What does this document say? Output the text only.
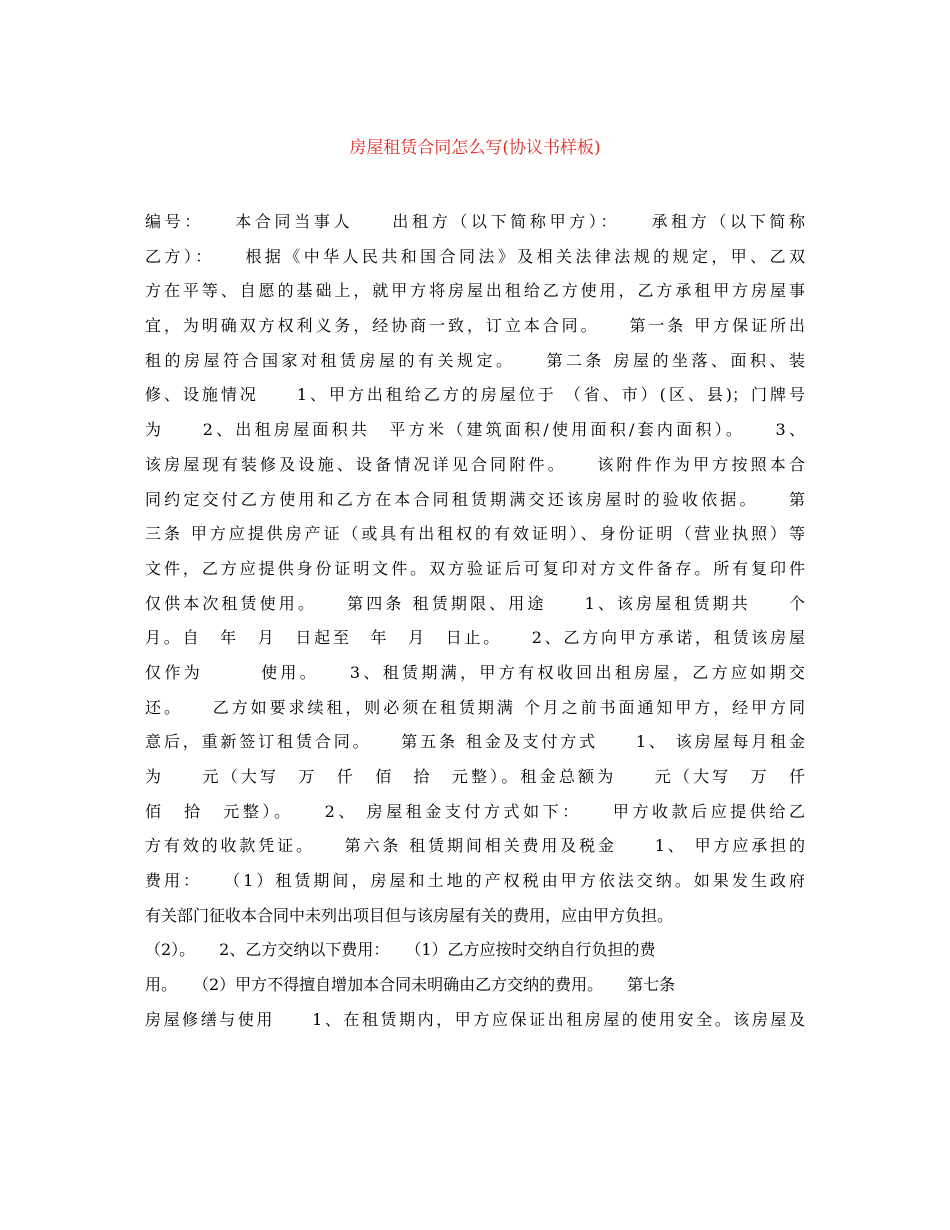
房屋租赁合同怎么写(协议书样板)
编号：　　本合同当事人　　出租方（以下简称甲方）：　　承租方（以下简称
乙方）：　　根据《中华人民共和国合同法》及相关法律法规的规定，甲、乙双
方在平等、自愿的基础上，就甲方将房屋出租给乙方使用，乙方承租甲方房屋事
宜，为明确双方权利义务，经协商一致，订立本合同。　　第一条 甲方保证所出
租的房屋符合国家对租赁房屋的有关规定。　　第二条 房屋的坐落、面积、装
修、设施情况　　1、甲方出租给乙方的房屋位于 （省、市）(区、县)；门牌号
为　　2、出租房屋面积共　平方米（建筑面积/使用面积/套内面积）。　　3、
该房屋现有装修及设施、设备情况详见合同附件。　　该附件作为甲方按照本合
同约定交付乙方使用和乙方在本合同租赁期满交还该房屋时的验收依据。　　第
三条 甲方应提供房产证（或具有出租权的有效证明）、身份证明（营业执照）等
文件，乙方应提供身份证明文件。双方验证后可复印对方文件备存。所有复印件
仅供本次租赁使用。　　第四条 租赁期限、用途　　1、该房屋租赁期共　　个
月。自　年　月　日起至　年　月　日止。　　2、乙方向甲方承诺，租赁该房屋
仅作为　　　使用。　　3、租赁期满，甲方有权收回出租房屋，乙方应如期交
还。　　乙方如要求续租，则必须在租赁期满 个月之前书面通知甲方，经甲方同
意后，重新签订租赁合同。　　第五条 租金及支付方式　　1、 该房屋每月租金
为　　元（大写　万　仟　佰　拾　元整）。租金总额为　　元（大写　万　仟
佰　拾　元整）。　　2、 房屋租金支付方式如下：　　甲方收款后应提供给乙
方有效的收款凭证。　　第六条 租赁期间相关费用及税金　　1、 甲方应承担的
费用：　　（1）租赁期间，房屋和土地的产权税由甲方依法交纳。如果发生政府
有关部门征收本合同中未列出项目但与该房屋有关的费用，应由甲方负担。
（2）。　　2、乙方交纳以下费用：　　（1）乙方应按时交纳自行负担的费
用。　　（2）甲方不得擅自增加本合同未明确由乙方交纳的费用。　　第七条
房屋修缮与使用　　1、在租赁期内，甲方应保证出租房屋的使用安全。该房屋及
